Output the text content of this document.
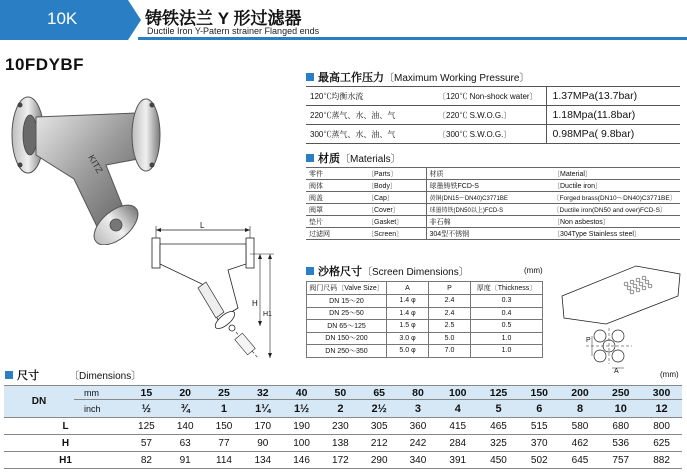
10K	铸铁法兰 Y 形过滤器
Ductile Iron Y-Patern strainer Flanged ends
10FDYBF
KITZ
L
H
H1
最高工作压力〔Maximum Working Pressure〕
120℃均衡水流	〔120℃ Non-shock water〕	1.37MPa(13.7bar)
220℃蒸气、水、油、气	〔220℃ S.W.O.G.〕	1.18Mpa(11.8bar)
300℃蒸气、水、油、气	〔300℃ S.W.O.G.〕	0.98MPa( 9.8bar)
材质〔Materials〕
零件	〔Parts〕	材质	〔Material〕
阀体	〔Body〕	球墨铸铁FCD-S	〔Ductile iron〕
阀盖	〔Cap〕	黄铜(DN15～DN40)C3771BE	〔Forged brass(DN10～DN40)C3771BE〕
阀罩	〔Cover〕	球墨铸铁(DN50以上)FCD-S	〔Ductile iron(DN50 and over)FCD-S〕
垫片	〔Gasket〕	非石棉	〔Non asbestos〕
过滤网	〔Screen〕	304型不锈钢	〔304Type Stainless steel〕
沙格尺寸〔Screen Dimensions〕	(mm)
阀门尺码〔Valve Size〕	A	P	厚度〔Thickness〕
DN 15～20	1.4 φ	2.4	0.3
DN 25～50	1.4 φ	2.4	0.4
DN 65～125	1.5 φ	2.5	0.5
DN 150～200	3.0 φ	5.0	1.0
DN 250～350	5.0 φ	7.0	1.0
P
A
尺寸	〔Dimensions〕	(mm)
DN	mm	15	20	25	32	40	50	65	80	100	125	150	200	250	300
	inch	½	¾	1	1¼	1½	2	2½	3	4	5	6	8	10	12
L		125	140	150	170	190	230	305	360	415	465	515	580	680	800
H		57	63	77	90	100	138	212	242	284	325	370	462	536	625
H1		82	91	114	134	146	172	290	340	391	450	502	645	757	882
